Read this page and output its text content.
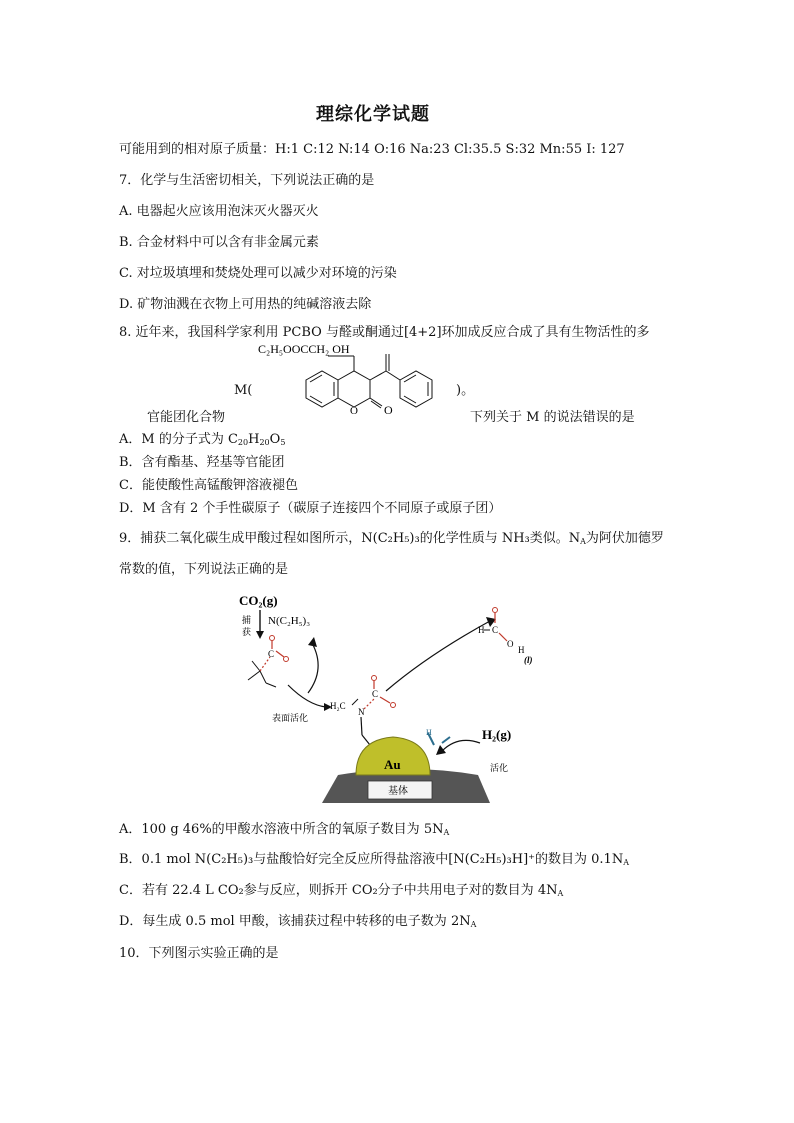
理综化学试题
可能用到的相对原子质量：H:1 C:12 N:14 O:16 Na:23 Cl:35.5 S:32 Mn:55 I: 127
7．化学与生活密切相关，下列说法正确的是
A. 电器起火应该用泡沫灭火器灭火
B. 合金材料中可以含有非金属元素
C. 对垃圾填埋和焚烧处理可以减少对环境的污染
D. 矿物油溅在衣物上可用热的纯碱溶液去除
8. 近年来，我国科学家利用 PCBO 与醛或酮通过[4+2]环加成反应合成了具有生物活性的多
M(
C₂H₅OOCCH₂ OH
O
O
)。
官能团化合物	下列关于 M 的说法错误的是
A．M 的分子式为 $C_{20}H_{20}O_5$
B．含有酯基、羟基等官能团
C．能使酸性高锰酸钾溶液褪色
D．M 含有 2 个手性碳原子（碳原子连接四个不同原子或原子团）
9．捕获二氧化碳生成甲酸过程如图所示，N(C₂H₅)₃的化学性质与 NH₃类似。$N_A$为阿伏加德罗
常数的值，下列说法正确的是
CO₂(g)
N(C₂H₅)₃
捕
获
C
表面活化
H₂C
N
C
H C
O
H
(l)
H₂(g)
活化
H
Au
基体
A．100 g 46%的甲酸水溶液中所含的氧原子数目为 $5N_A$
B．0.1 mol N(C₂H₅)₃与盐酸恰好完全反应所得盐溶液中[N(C₂H₅)₃H]⁺的数目为 $0.1N_A$
C．若有 22.4 L CO₂参与反应，则拆开 CO₂分子中共用电子对的数目为 $4N_A$
D．每生成 0.5 mol 甲酸，该捕获过程中转移的电子数为 $2N_A$
10．下列图示实验正确的是
